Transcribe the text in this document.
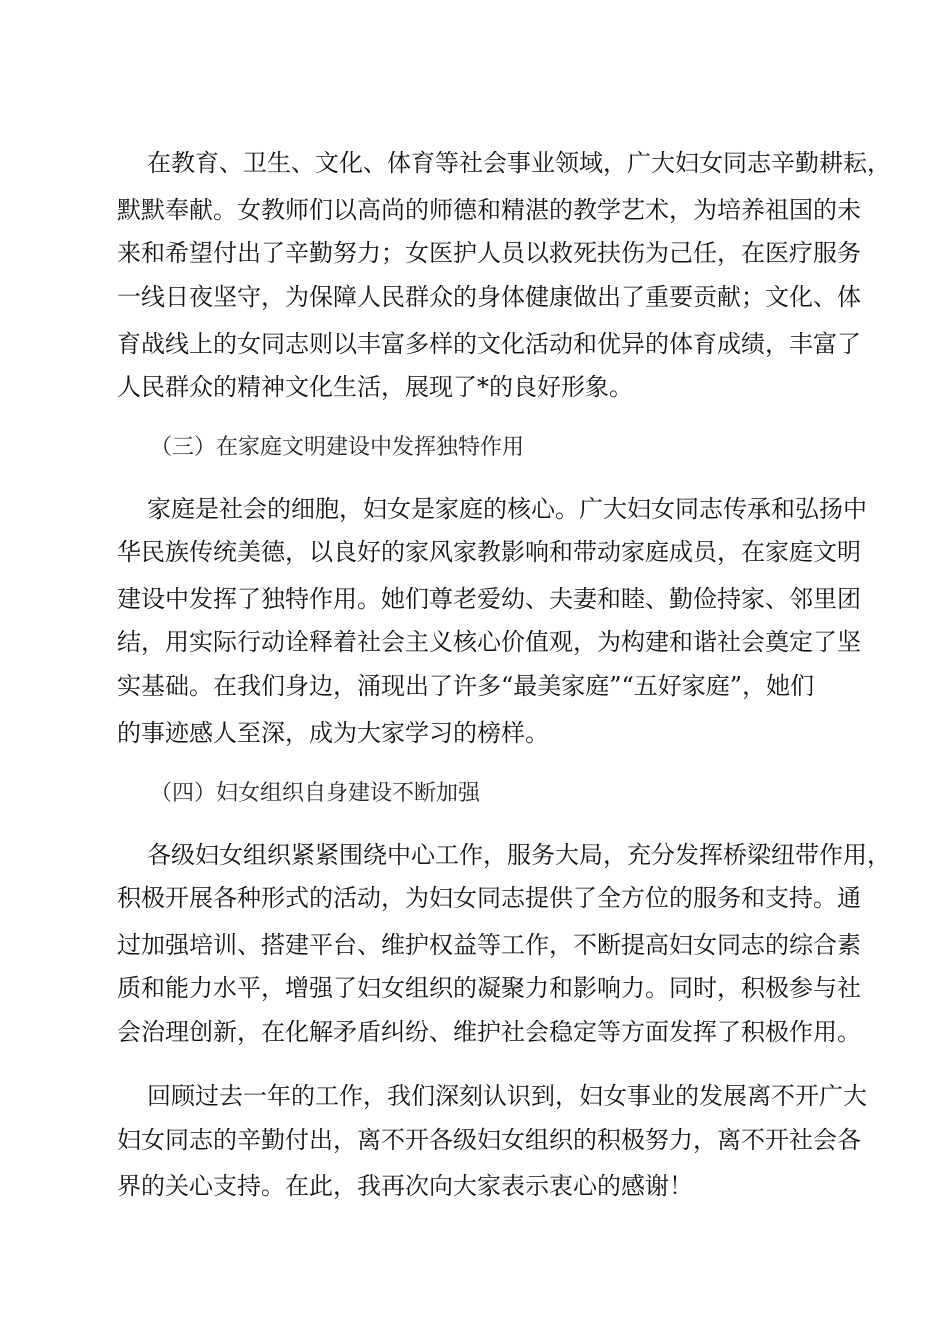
在教育、卫生、文化、体育等社会事业领域，广大妇女同志辛勤耕耘，
默默奉献。女教师们以高尚的师德和精湛的教学艺术，为培养祖国的未
来和希望付出了辛勤努力；女医护人员以救死扶伤为己任，在医疗服务
一线日夜坚守，为保障人民群众的身体健康做出了重要贡献；文化、体
育战线上的女同志则以丰富多样的文化活动和优异的体育成绩，丰富了
人民群众的精神文化生活，展现了*的良好形象。
（三）在家庭文明建设中发挥独特作用
家庭是社会的细胞，妇女是家庭的核心。广大妇女同志传承和弘扬中
华民族传统美德，以良好的家风家教影响和带动家庭成员，在家庭文明
建设中发挥了独特作用。她们尊老爱幼、夫妻和睦、勤俭持家、邻里团
结，用实际行动诠释着社会主义核心价值观，为构建和谐社会奠定了坚
实基础。在我们身边，涌现出了许多“最美家庭”“五好家庭”，她们
的事迹感人至深，成为大家学习的榜样。
（四）妇女组织自身建设不断加强
各级妇女组织紧紧围绕中心工作，服务大局，充分发挥桥梁纽带作用，
积极开展各种形式的活动，为妇女同志提供了全方位的服务和支持。通
过加强培训、搭建平台、维护权益等工作，不断提高妇女同志的综合素
质和能力水平，增强了妇女组织的凝聚力和影响力。同时，积极参与社
会治理创新，在化解矛盾纠纷、维护社会稳定等方面发挥了积极作用。
回顾过去一年的工作，我们深刻认识到，妇女事业的发展离不开广大
妇女同志的辛勤付出，离不开各级妇女组织的积极努力，离不开社会各
界的关心支持。在此，我再次向大家表示衷心的感谢！
